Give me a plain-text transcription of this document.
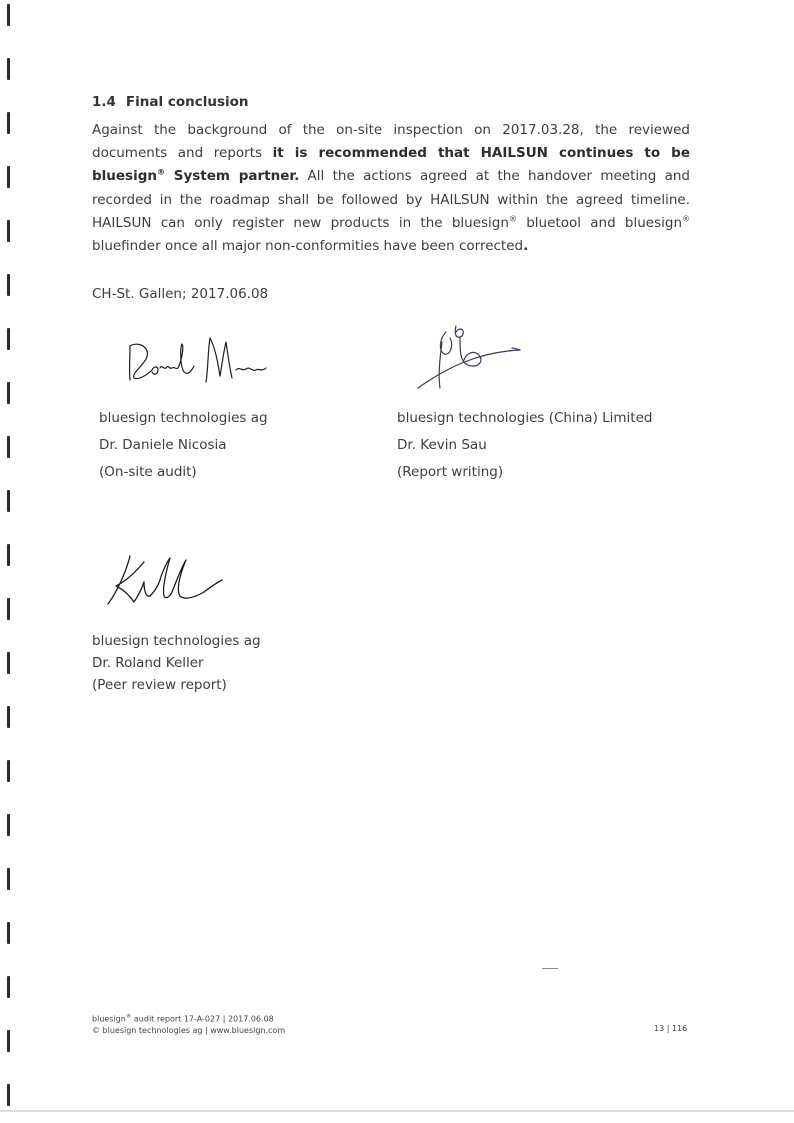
1.4 Final conclusion
Against the background of the on-site inspection on 2017.03.28, the reviewed documents and reports it is recommended that HAILSUN continues to be bluesign® System partner. All the actions agreed at the handover meeting and recorded in the roadmap shall be followed by HAILSUN within the agreed timeline. HAILSUN can only register new products in the bluesign® bluetool and bluesign® bluefinder once all major non-conformities have been corrected.
CH-St. Gallen; 2017.06.08
bluesign technologies ag
Dr. Daniele Nicosia
(On-site audit)
bluesign technologies (China) Limited
Dr. Kevin Sau
(Report writing)
bluesign technologies ag
Dr. Roland Keller
(Peer review report)
bluesign® audit report 17-A-027 | 2017.06.08
© bluesign technologies ag | www.bluesign.com	13 | 116
